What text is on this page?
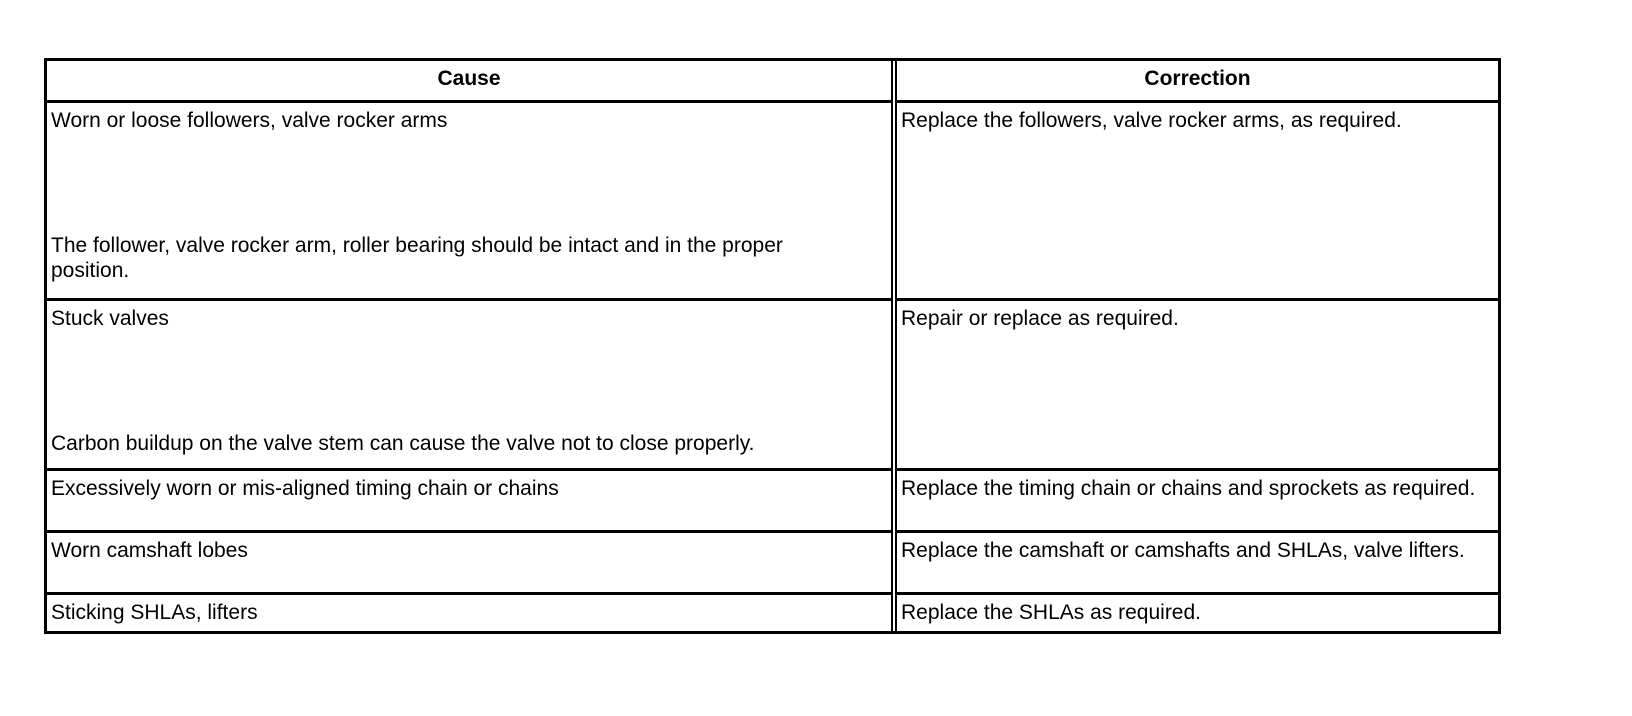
Cause	Correction

Worn or loose followers, valve rocker arms
The follower, valve rocker arm, roller bearing should be intact and in the proper position.	Replace the followers, valve rocker arms, as required.

Stuck valves
Carbon buildup on the valve stem can cause the valve not to close properly.	Repair or replace as required.
Excessively worn or mis-aligned timing chain or chains	Replace the timing chain or chains and sprockets as required.
Worn camshaft lobes	Replace the camshaft or camshafts and SHLAs, valve lifters.
Sticking SHLAs, lifters	Replace the SHLAs as required.
